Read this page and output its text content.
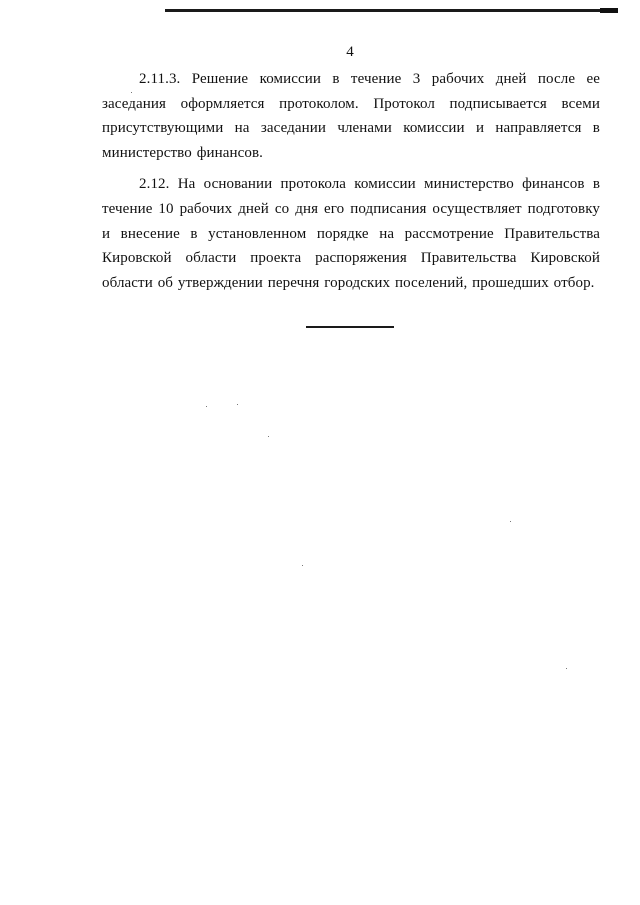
4

2.11.3. Решение комиссии в течение 3 рабочих дней после ее заседания оформляется протоколом. Протокол подписывается всеми присутствующими на заседании членами комиссии и направляется в министерство финансов.

2.12. На основании протокола комиссии министерство финансов в течение 10 рабочих дней со дня его подписания осуществляет подготовку и внесение в установленном порядке на рассмотрение Правительства Кировской области проекта распоряжения Правительства Кировской области об утверждении перечня городских поселений, прошедших отбор.
